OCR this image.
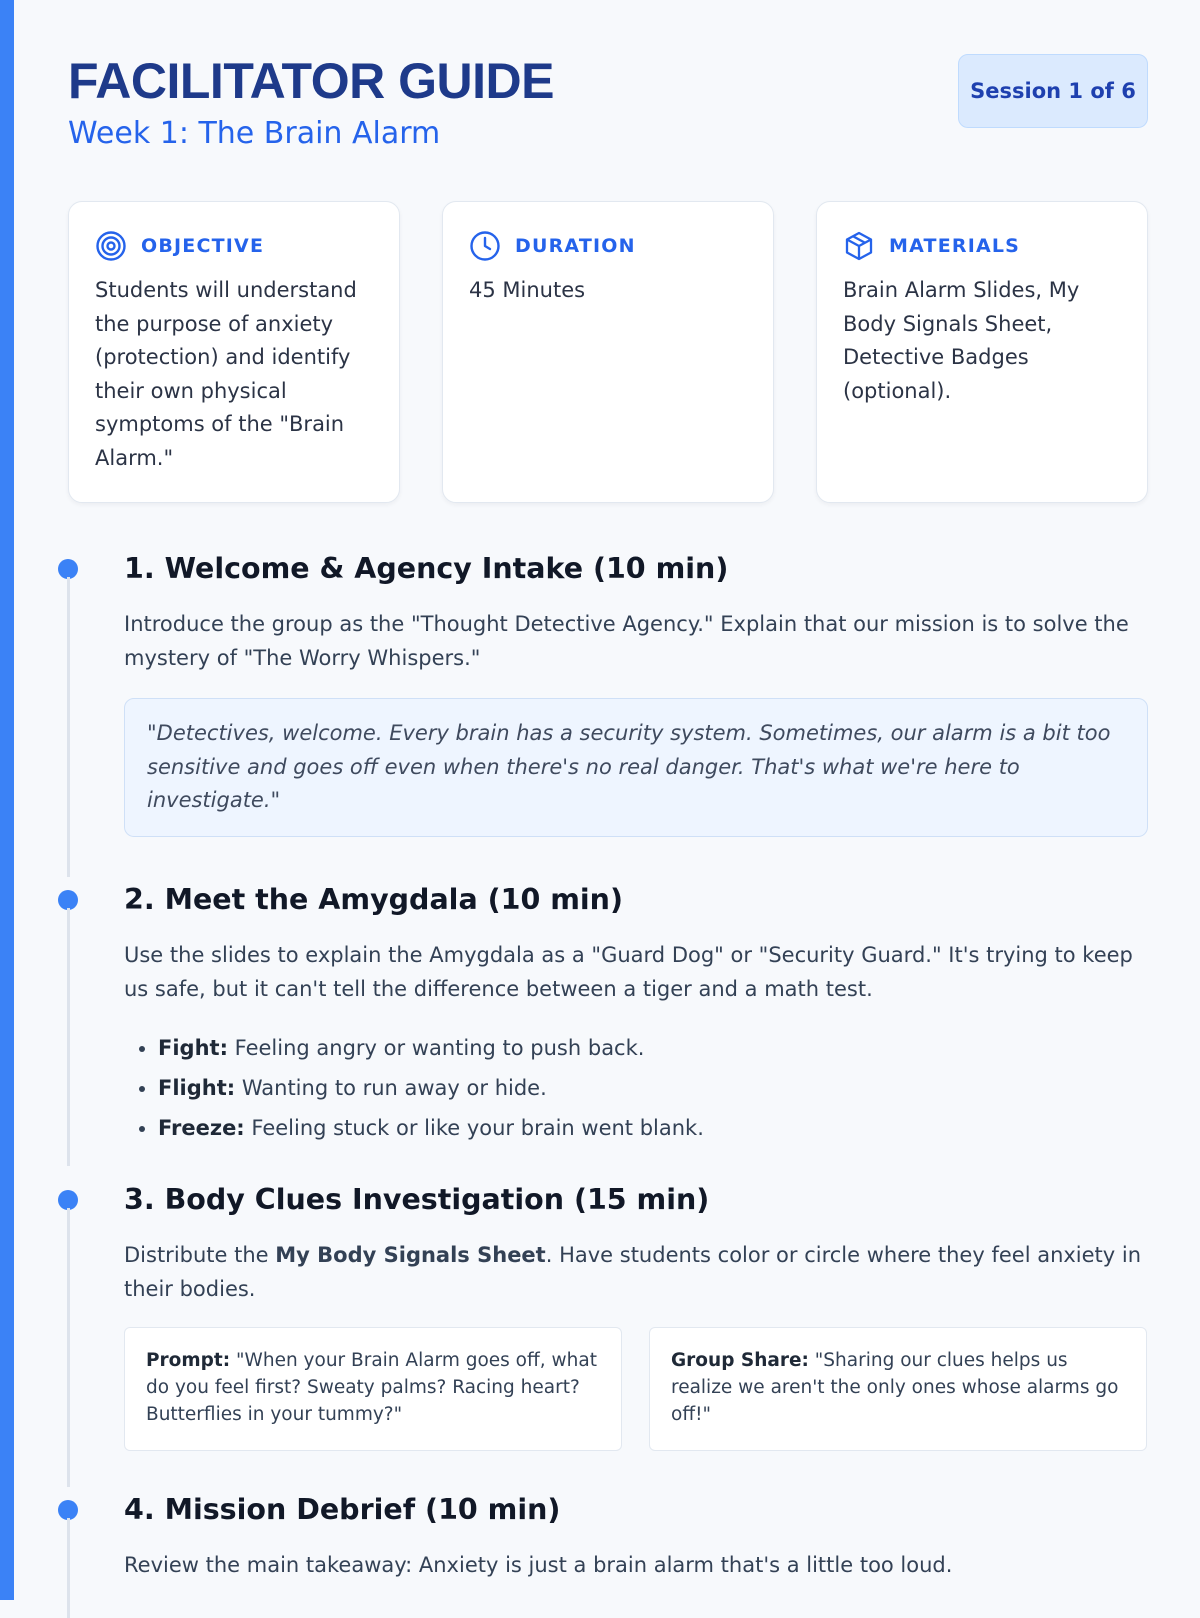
FACILITATOR GUIDE
Week 1: The Brain Alarm
Session 1 of 6
OBJECTIVE
Students will understand the purpose of anxiety (protection) and identify their own physical symptoms of the "Brain Alarm."
DURATION
45 Minutes
MATERIALS
Brain Alarm Slides, My Body Signals Sheet, Detective Badges (optional).
1. Welcome & Agency Intake (10 min)
Introduce the group as the "Thought Detective Agency." Explain that our mission is to solve the mystery of "The Worry Whispers."
"Detectives, welcome. Every brain has a security system. Sometimes, our alarm is a bit too sensitive and goes off even when there's no real danger. That's what we're here to investigate."
2. Meet the Amygdala (10 min)
Use the slides to explain the Amygdala as a "Guard Dog" or "Security Guard." It's trying to keep us safe, but it can't tell the difference between a tiger and a math test.
• Fight: Feeling angry or wanting to push back.
• Flight: Wanting to run away or hide.
• Freeze: Feeling stuck or like your brain went blank.
3. Body Clues Investigation (15 min)
Distribute the My Body Signals Sheet. Have students color or circle where they feel anxiety in their bodies.
Prompt: "When your Brain Alarm goes off, what do you feel first? Sweaty palms? Racing heart? Butterflies in your tummy?"
Group Share: "Sharing our clues helps us realize we aren't the only ones whose alarms go off!"
4. Mission Debrief (10 min)
Review the main takeaway: Anxiety is just a brain alarm that's a little too loud.
